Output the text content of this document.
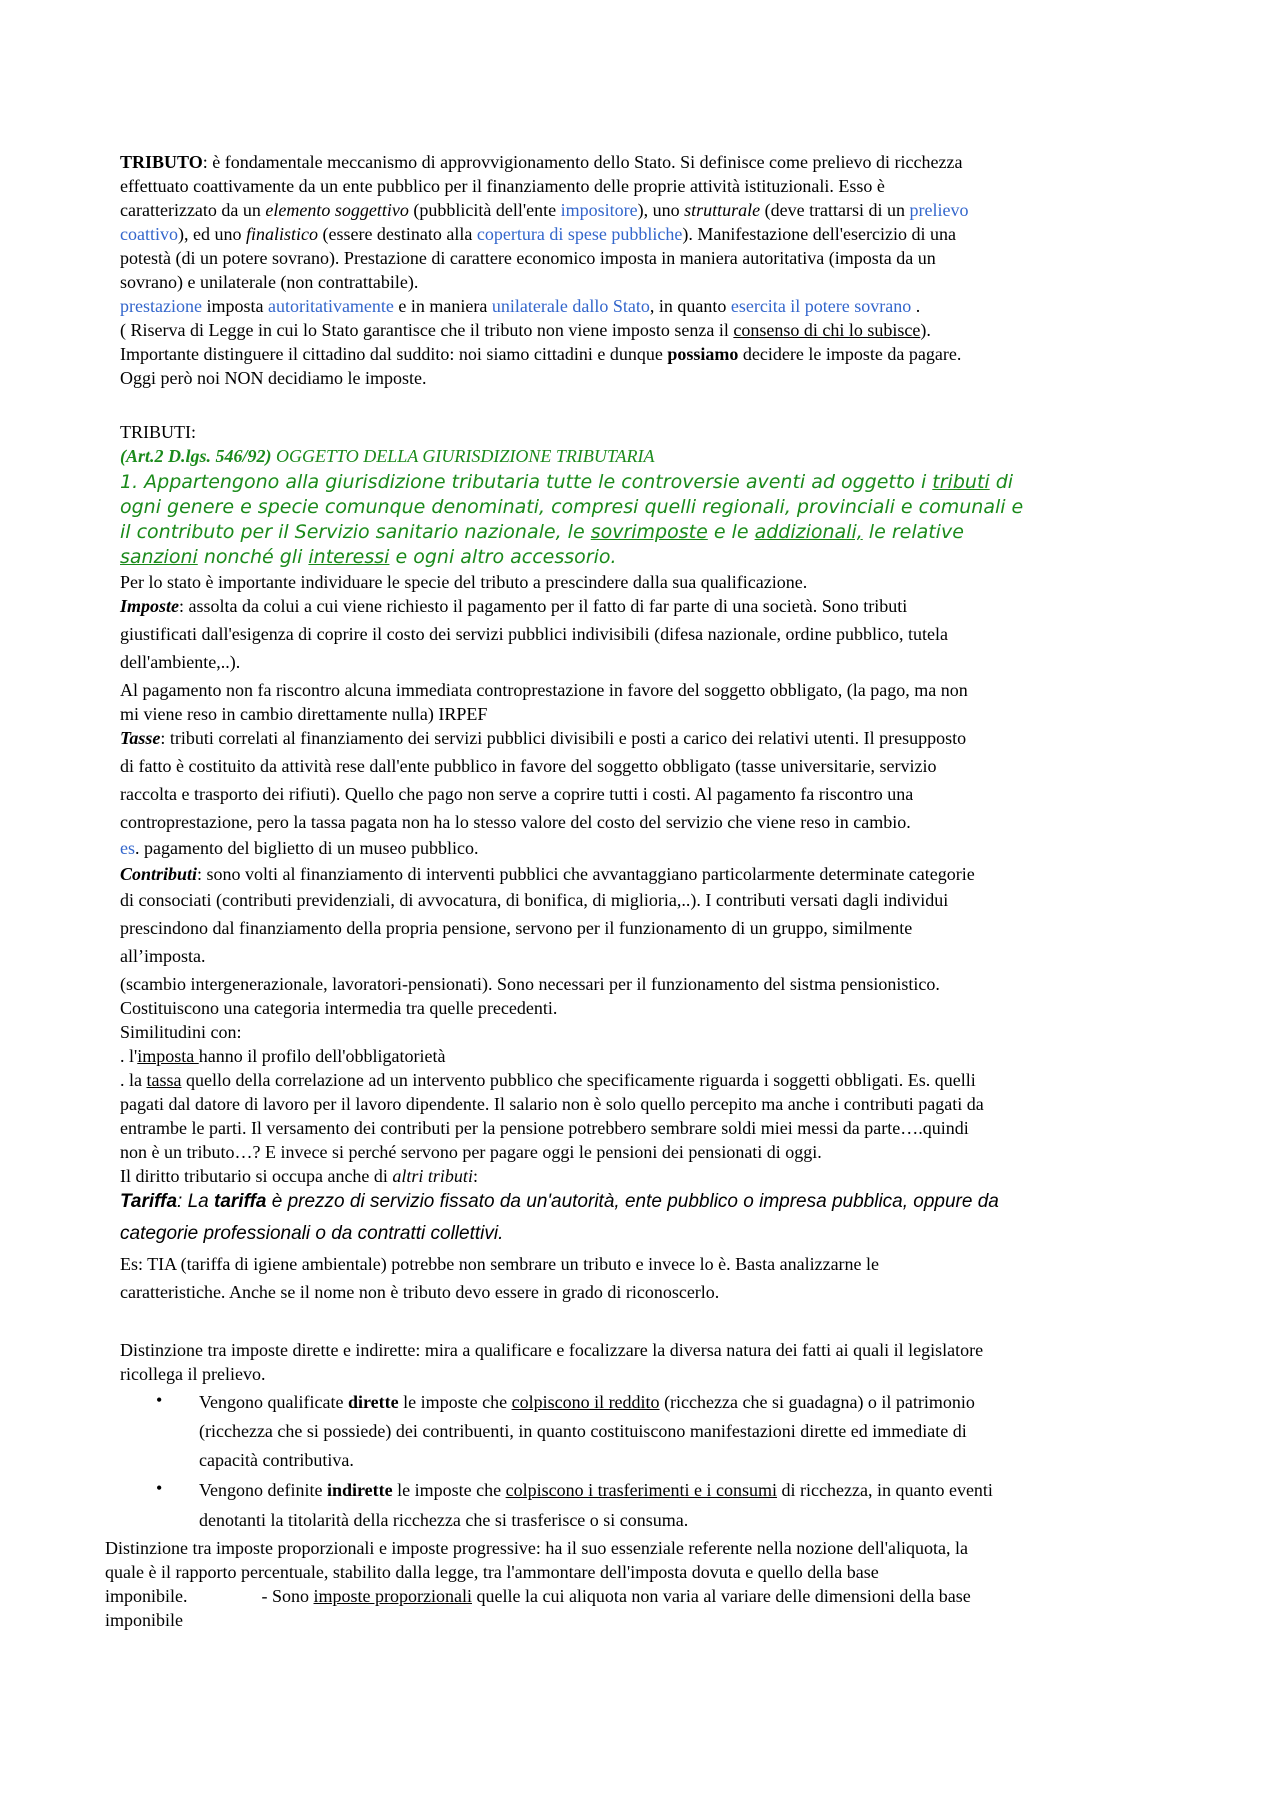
TRIBUTO: è fondamentale meccanismo di approvvigionamento dello Stato. Si definisce come prelievo di ricchezza
effettuato coattivamente da un ente pubblico per il finanziamento delle proprie attività istituzionali. Esso è
caratterizzato da un elemento soggettivo (pubblicità dell'ente impositore), uno strutturale (deve trattarsi di un prelievo
coattivo), ed uno finalistico (essere destinato alla copertura di spese pubbliche). Manifestazione dell'esercizio di una
potestà (di un potere sovrano). Prestazione di carattere economico imposta in maniera autoritativa (imposta da un
sovrano) e unilaterale (non contrattabile).
prestazione imposta autoritativamente e in maniera unilaterale dallo Stato, in quanto esercita il potere sovrano .
( Riserva di Legge in cui lo Stato garantisce che il tributo non viene imposto senza il consenso di chi lo subisce).
Importante distinguere il cittadino dal suddito: noi siamo cittadini e dunque possiamo decidere le imposte da pagare.
Oggi però noi NON decidiamo le imposte.
TRIBUTI:
(Art.2 D.lgs. 546/92) OGGETTO DELLA GIURISDIZIONE TRIBUTARIA
1. Appartengono alla giurisdizione tributaria tutte le controversie aventi ad oggetto i tributi di
ogni genere e specie comunque denominati, compresi quelli regionali, provinciali e comunali e
il contributo per il Servizio sanitario nazionale, le sovrimposte e le addizionali, le relative
sanzioni nonché gli interessi e ogni altro accessorio.
Per lo stato è importante individuare le specie del tributo a prescindere dalla sua qualificazione.
Imposte: assolta da colui a cui viene richiesto il pagamento per il fatto di far parte di una società. Sono tributi
giustificati dall'esigenza di coprire il costo dei servizi pubblici indivisibili (difesa nazionale, ordine pubblico, tutela
dell'ambiente,..).
Al pagamento non fa riscontro alcuna immediata controprestazione in favore del soggetto obbligato, (la pago, ma non
mi viene reso in cambio direttamente nulla) IRPEF
Tasse: tributi correlati al finanziamento dei servizi pubblici divisibili e posti a carico dei relativi utenti. Il presupposto
di fatto è costituito da attività rese dall'ente pubblico in favore del soggetto obbligato (tasse universitarie, servizio
raccolta e trasporto dei rifiuti). Quello che pago non serve a coprire tutti i costi. Al pagamento fa riscontro una
controprestazione, pero la tassa pagata non ha lo stesso valore del costo del servizio che viene reso in cambio.
es. pagamento del biglietto di un museo pubblico.
Contributi: sono volti al finanziamento di interventi pubblici che avvantaggiano particolarmente determinate categorie
di consociati (contributi previdenziali, di avvocatura, di bonifica, di miglioria,..). I contributi versati dagli individui
prescindono dal finanziamento della propria pensione, servono per il funzionamento di un gruppo, similmente
all’imposta.
(scambio intergenerazionale, lavoratori-pensionati). Sono necessari per il funzionamento del sistma pensionistico.
Costituiscono una categoria intermedia tra quelle precedenti.
Similitudini con:
. l'imposta hanno il profilo dell'obbligatorietà
. la tassa quello della correlazione ad un intervento pubblico che specificamente riguarda i soggetti obbligati. Es. quelli
pagati dal datore di lavoro per il lavoro dipendente. Il salario non è solo quello percepito ma anche i contributi pagati da
entrambe le parti. Il versamento dei contributi per la pensione potrebbero sembrare soldi miei messi da parte….quindi
non è un tributo…? E invece si perché servono per pagare oggi le pensioni dei pensionati di oggi.
Il diritto tributario si occupa anche di altri tributi:
Tariffa: La tariffa è prezzo di servizio fissato da un'autorità, ente pubblico o impresa pubblica, oppure da
categorie professionali o da contratti collettivi.
Es: TIA (tariffa di igiene ambientale) potrebbe non sembrare un tributo e invece lo è. Basta analizzarne le
caratteristiche. Anche se il nome non è tributo devo essere in grado di riconoscerlo.
Distinzione tra imposte dirette e indirette: mira a qualificare e focalizzare la diversa natura dei fatti ai quali il legislatore
ricollega il prelievo.
• Vengono qualificate dirette le imposte che colpiscono il reddito (ricchezza che si guadagna) o il patrimonio
(ricchezza che si possiede) dei contribuenti, in quanto costituiscono manifestazioni dirette ed immediate di
capacità contributiva.
• Vengono definite indirette le imposte che colpiscono i trasferimenti e i consumi di ricchezza, in quanto eventi
denotanti la titolarità della ricchezza che si trasferisce o si consuma.
Distinzione tra imposte proporzionali e imposte progressive: ha il suo essenziale referente nella nozione dell'aliquota, la
quale è il rapporto percentuale, stabilito dalla legge, tra l'ammontare dell'imposta dovuta e quello della base
imponibile.	- Sono imposte proporzionali quelle la cui aliquota non varia al variare delle dimensioni della base
imponibile
